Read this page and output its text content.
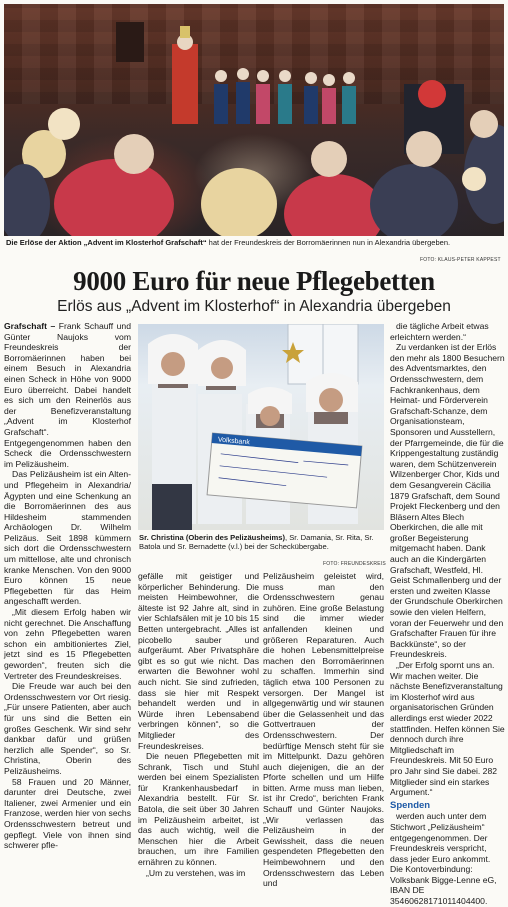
Die Erlöse der Aktion „Advent im Klosterhof Grafschaft“ hat der Freundeskreis der Borromäerinnen nun in Alexandria übergeben.
FOTO: KLAUS-PETER KAPPEST
9000 Euro für neue Pflegebetten
Erlös aus „Advent im Klosterhof“ in Alexandria übergeben

Grafschaft – Frank Schauff und Günter Naujoks vom Freundeskreis der Borromäerinnen haben bei einem Besuch in Alexandria einen Scheck in Höhe von 9000 Euro überreicht. Dabei handelt es sich um den Reinerlös aus der Benefizveranstaltung „Advent im Klosterhof Grafschaft“. Entgegengenommen haben den Scheck die Ordensschwestern im Pelizäusheim.

Das Pelizäusheim ist ein Alten- und Pflegeheim in Alexandria/Ägypten und eine Schenkung an die Borromäerinnen des aus Hildesheim stammenden Archäologen Dr. Wilhelm Pelizäus. Seit 1898 kümmern sich dort die Ordensschwestern um mittellose, alte und chronisch kranke Menschen. Von den 9000 Euro können 15 neue Pflegebetten für das Heim angeschafft werden.

„Mit diesem Erfolg haben wir nicht gerechnet. Die Anschaffung von zehn Pflegebetten waren schon ein ambitioniertes Ziel, jetzt sind es 15 Pflegebetten geworden“, freuten sich die Vertreter des Freundeskreises.

Die Freude war auch bei den Ordensschwestern vor Ort riesig. „Für unsere Patienten, aber auch für uns sind die Betten ein großes Geschenk. Wir sind sehr dankbar dafür und grüßen herzlich alle Spender“, so Sr. Christina, Oberin des Pelizäusheims.

58 Frauen und 20 Männer, darunter drei Deutsche, zwei Italiener, zwei Armenier und ein Franzose, werden hier von sechs Ordensschwestern betreut und gepflegt. Viele von ihnen sind schwerer pfle-

Volksbank
Sr. Christina (Oberin des Pelizäusheims), Sr. Damania, Sr. Rita, Sr. Batola und Sr. Bernadette (v.l.) bei der Scheckübergabe.
FOTO: FREUNDESKREIS

gefälle mit geistiger und körperlicher Behinderung. Die meisten Heimbewohner, die älteste ist 92 Jahre alt, sind in vier Schlafsälen mit je 10 bis 15 Betten untergebracht. „Alles ist picobello sauber und aufgeräumt. Aber Privatsphäre gibt es so gut wie nicht. Das erwarten die Bewohner wohl auch nicht. Sie sind zufrieden, dass sie hier mit Respekt behandelt werden und in Würde ihren Lebensabend verbringen können“, so die Mitglieder des Freundeskreises.

Die neuen Pflegebetten mit Schrank, Tisch und Stuhl werden bei einem Spezialisten für Krankenhausbedarf in Alexandria bestellt. Für Sr. Batola, die seit über 30 Jahren im Pelizäusheim arbeitet, ist das auch wichtig, weil die Menschen hier die Arbeit brauchen, um ihre Familien ernähren zu können.

„Um zu verstehen, was im

Pelizäusheim geleistet wird, muss man den Ordensschwestern genau zuhören. Eine große Belastung sind die immer wieder anfallenden kleinen und größeren Reparaturen. Auch die hohen Lebensmittelpreise machen den Borromäerinnen zu schaffen. Immerhin sind täglich etwa 100 Personen zu versorgen. Der Mangel ist allgegenwärtig und wir staunen über die Gelassenheit und das Gottvertrauen der Ordensschwestern. Der bedürftige Mensch steht für sie im Mittelpunkt. Dazu gehören auch diejenigen, die an der Pforte schellen und um Hilfe bitten. Arme muss man lieben, ist ihr Credo“, berichten Frank Schauff und Günter Naujoks. „Wir verlassen das Pelizäusheim in der Gewissheit, dass die neuen gespendeten Pflegebetten den Heimbewohnern und den Ordensschwestern das Leben und

die tägliche Arbeit etwas erleichtern werden.“

Zu verdanken ist der Erlös den mehr als 1800 Besuchern des Adventsmarktes, den Ordensschwestern, dem Fachkrankenhaus, dem Heimat- und Förderverein Grafschaft-Schanze, dem Organisationsteam, Sponsoren und Ausstellern, der Pfarrgemeinde, die für die Krippengestaltung zuständig waren, dem Schützenverein Wilzenberger Chor, Kids und dem Gesangverein Cäcilia 1879 Grafschaft, dem Sound Projekt Fleckenberg und den Bläsern Altes Blech Oberkirchen, die alle mit großer Begeisterung mitgemacht haben. Dank auch an die Kindergärten Grafschaft, Westfeld, Hl. Geist Schmallenberg und der ersten und zweiten Klasse der Grundschule Oberkirchen sowie den vielen Helfern, voran der Feuerwehr und den Grafschafter Frauen für ihre Backkünste“, so der Freundeskreis.

„Der Erfolg spornt uns an. Wir machen weiter. Die nächste Benefizveranstaltung im Klosterhof wird aus organisatorischen Gründen allerdings erst wieder 2022 stattfinden. Helfen können Sie dennoch durch ihre Mitgliedschaft im Freundeskreis. Mit 50 Euro pro Jahr sind Sie dabei. 282 Mitglieder sind ein starkes Argument.“

Spenden

werden auch unter dem Stichwort „Pelizäusheim“ entgegengenommen. Der Freundeskreis verspricht, dass jeder Euro ankommt. Die Kontoverbindung: Volksbank Bigge-Lenne eG, IBAN DE 35460628171011404400.
